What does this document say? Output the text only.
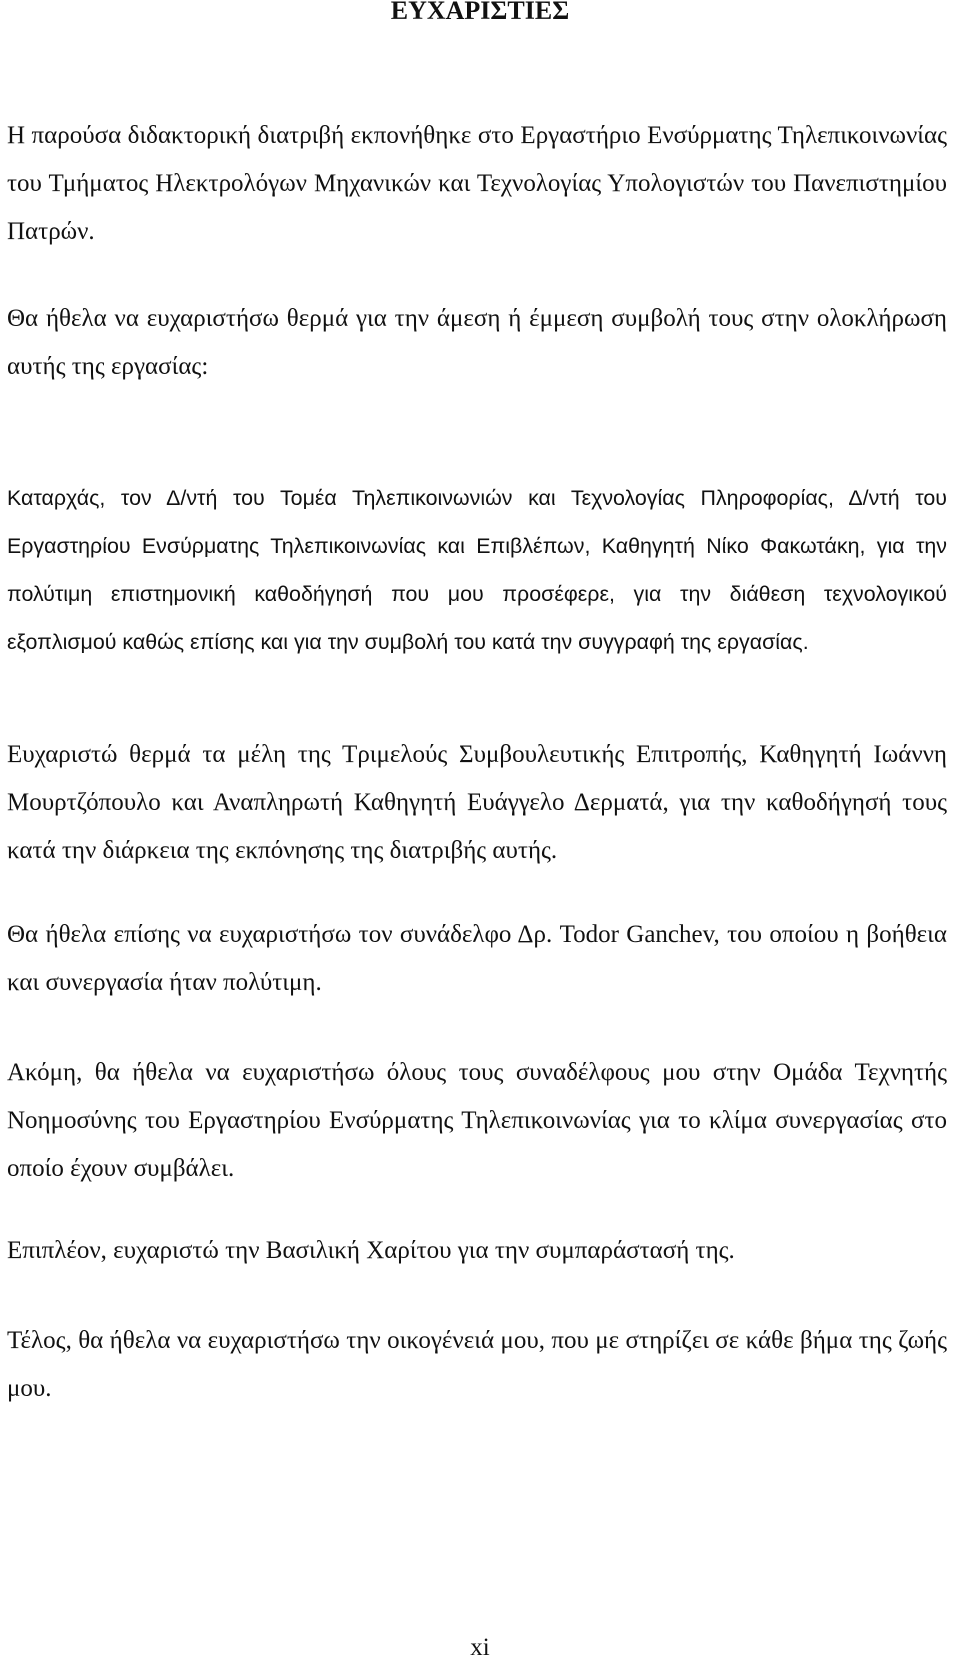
ΕΥΧΑΡΙΣΤΙΕΣ

Η παρούσα διδακτορική διατριβή εκπονήθηκε στο Εργαστήριο Ενσύρματης Τηλεπικοινωνίας του Τμήματος Ηλεκτρολόγων Μηχανικών και Τεχνολογίας Υπολογιστών του Πανεπιστημίου Πατρών.

Θα ήθελα να ευχαριστήσω θερμά για την άμεση ή έμμεση συμβολή τους στην ολοκλήρωση αυτής της εργασίας:

Καταρχάς, τον Δ/ντή του Τομέα Τηλεπικοινωνιών και Τεχνολογίας Πληροφορίας, Δ/ντή του Εργαστηρίου Ενσύρματης Τηλεπικοινωνίας και Επιβλέπων, Καθηγητή Νίκο Φακωτάκη, για την πολύτιμη επιστημονική καθοδήγησή που μου προσέφερε, για την διάθεση τεχνολογικού εξοπλισμού καθώς επίσης και για την συμβολή του κατά την συγγραφή της εργασίας.

Ευχαριστώ θερμά τα μέλη της Τριμελούς Συμβουλευτικής Επιτροπής, Καθηγητή Ιωάννη Μουρτζόπουλο και Αναπληρωτή Καθηγητή Ευάγγελο Δερματά, για την καθοδήγησή τους κατά την διάρκεια της εκπόνησης της διατριβής αυτής.

Θα ήθελα επίσης να ευχαριστήσω τον συνάδελφο Δρ. Todor Ganchev, του οποίου η βοήθεια και συνεργασία ήταν πολύτιμη.

Ακόμη, θα ήθελα να ευχαριστήσω όλους τους συναδέλφους μου στην Ομάδα Τεχνητής Νοημοσύνης του Εργαστηρίου Ενσύρματης Τηλεπικοινωνίας για το κλίμα συνεργασίας στο οποίο έχουν συμβάλει.

Επιπλέον, ευχαριστώ την Βασιλική Χαρίτου για την συμπαράστασή της.

Τέλος, θα ήθελα να ευχαριστήσω την οικογένειά μου, που με στηρίζει σε κάθε βήμα της ζωής μου.

xi
